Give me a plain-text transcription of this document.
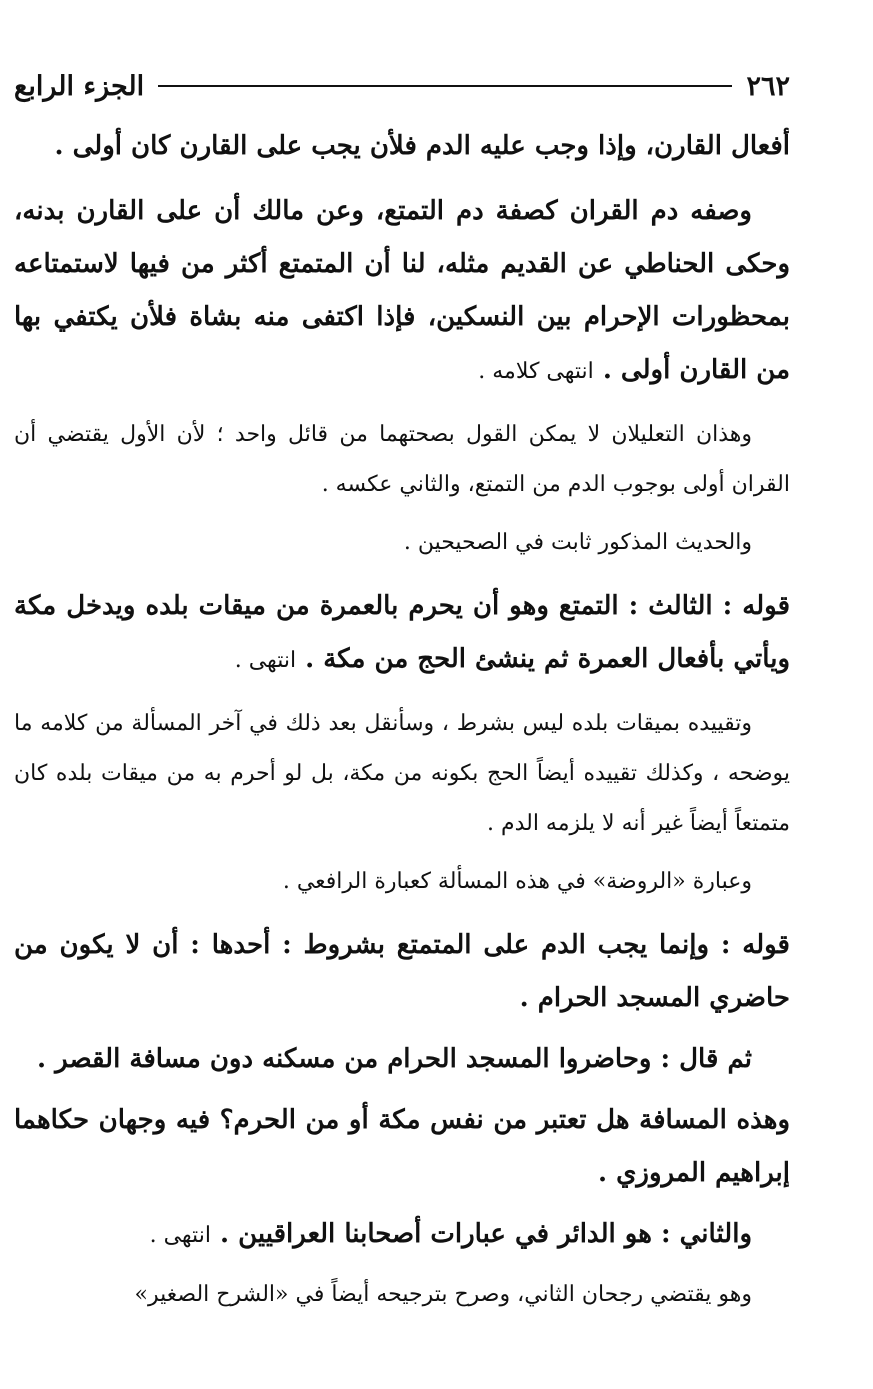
٢٦٢
الجزء الرابع

أفعال القارن، وإذا وجب عليه الدم فلأن يجب على القارن كان أولى .

وصفه دم القران كصفة دم التمتع، وعن مالك أن على القارن بدنه، وحكى الحناطي عن القديم مثله، لنا أن المتمتع أكثر من فيها لاستمتاعه بمحظورات الإحرام بين النسكين، فإذا اكتفى منه بشاة فلأن يكتفي بها من القارن أولى . انتهى كلامه .

وهذان التعليلان لا يمكن القول بصحتهما من قائل واحد ؛ لأن الأول يقتضي أن القران أولى بوجوب الدم من التمتع، والثاني عكسه .

والحديث المذكور ثابت في الصحيحين .

قوله : الثالث : التمتع وهو أن يحرم بالعمرة من ميقات بلده ويدخل مكة ويأتي بأفعال العمرة ثم ينشئ الحج من مكة . انتهى .

وتقييده بميقات بلده ليس بشرط ، وسأنقل بعد ذلك في آخر المسألة من كلامه ما يوضحه ، وكذلك تقييده أيضاً الحج بكونه من مكة، بل لو أحرم به من ميقات بلده كان متمتعاً أيضاً غير أنه لا يلزمه الدم .

وعبارة «الروضة» في هذه المسألة كعبارة الرافعي .

قوله : وإنما يجب الدم على المتمتع بشروط : أحدها : أن لا يكون من حاضري المسجد الحرام .

ثم قال : وحاضروا المسجد الحرام من مسكنه دون مسافة القصر .

وهذه المسافة هل تعتبر من نفس مكة أو من الحرم؟ فيه وجهان حكاهما إبراهيم المروزي .

والثاني : هو الدائر في عبارات أصحابنا العراقيين . انتهى .

وهو يقتضي رجحان الثاني، وصرح بترجيحه أيضاً في «الشرح الصغير»
